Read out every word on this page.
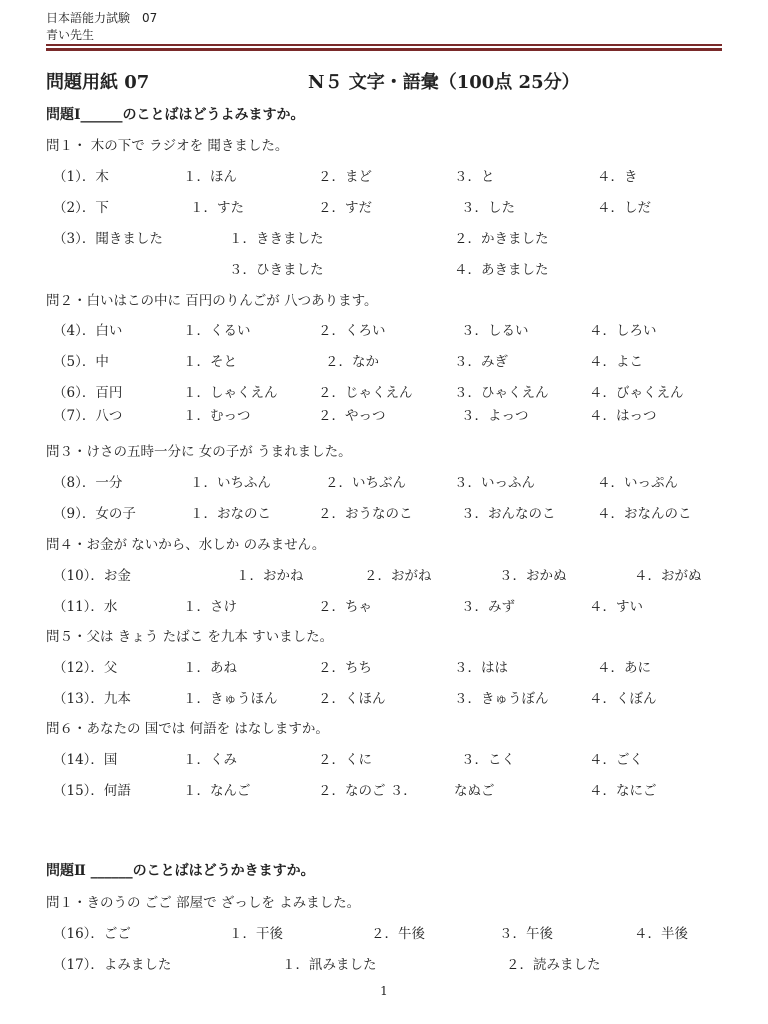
日本語能力試験　07
青い先生
問題用紙 07	N５ 文字・語彙（100点 25分）
問題Ⅰ______のことばはどうよみますか。
問１・ 木の下で ラジオを 聞きました。
（1）．木	１．ほん	２．まど	３．と	４．き
（2）．下	１．すた	２．すだ	３．した	４．しだ
（3）．聞きました	１．ききました	２．かきました
３．ひきました	４．あきました
問２・白いはこの中に 百円のりんごが 八つあります。
（4）．白い	１．くるい	２．くろい	３．しるい	４．しろい
（5）．中	１．そと	２．なか	３．みぎ	４．よこ
（6）．百円	１．しゃくえん	２．じゃくえん	３．ひゃくえん	４．びゃくえん
（7）．八つ	１．むっつ	２．やっつ	３．よっつ	４．はっつ
問３・けさの五時一分に 女の子が うまれました。
（8）．一分	１．いちふん	２．いちぶん	３．いっふん	４．いっぷん
（9）．女の子	１．おなのこ	２．おうなのこ	３．おんなのこ	４．おなんのこ
問４・お金が ないから、水しか のみません。
（10）．お金	１．おかね	２．おがね	３．おかぬ	４．おがぬ
（11）．水	１．さけ	２．ちゃ	３．みず	４．すい
問５・父は きょう たばこ を九本 すいました。
（12）．父	１．あね	２．ちち	３．はは	４．あに
（13）．九本	１．きゅうほん	２．くほん	３．きゅうぼん	４．くぼん
問６・あなたの 国では 何語を はなしますか。
（14）．国	１．くみ	２．くに	３．こく	４．ごく
（15）．何語	１．なんご	２．なのご ３．	なぬご	４．なにご
問題Ⅱ ______のことばはどうかきますか。
問１・きのうの ごご 部屋で ざっしを よみました。
（16）．ごご	１．干後	２．牛後	３．午後	４．半後
（17）．よみました	１．訊みました	２．読みました
1
